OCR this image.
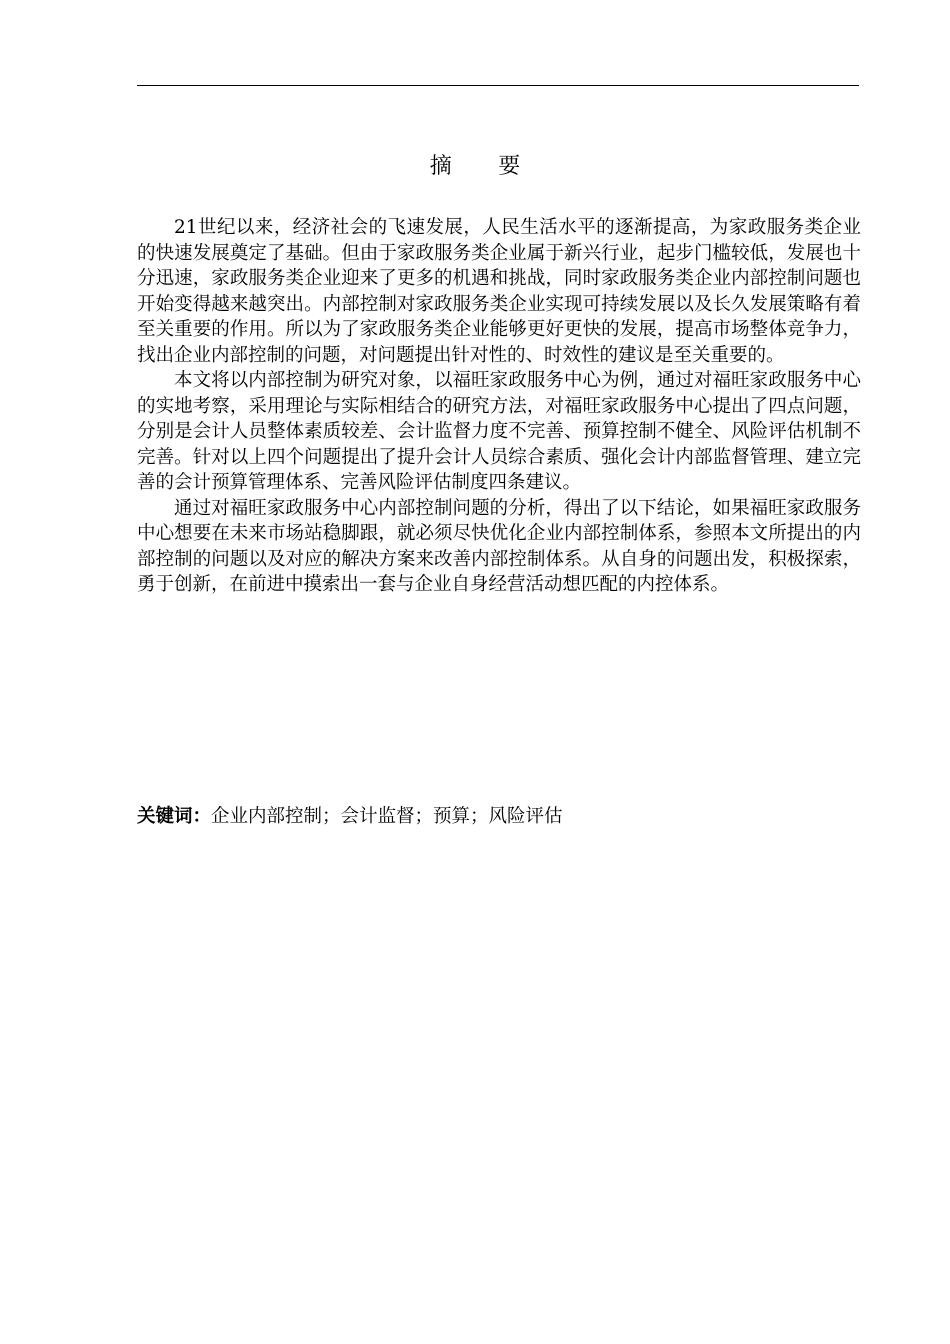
摘 要

21世纪以来，经济社会的飞速发展，人民生活水平的逐渐提高，为家政服务类企业的快速发展奠定了基础。但由于家政服务类企业属于新兴行业，起步门槛较低，发展也十分迅速，家政服务类企业迎来了更多的机遇和挑战，同时家政服务类企业内部控制问题也开始变得越来越突出。内部控制对家政服务类企业实现可持续发展以及长久发展策略有着至关重要的作用。所以为了家政服务类企业能够更好更快的发展，提高市场整体竞争力，找出企业内部控制的问题，对问题提出针对性的、时效性的建议是至关重要的。

本文将以内部控制为研究对象，以福旺家政服务中心为例，通过对福旺家政服务中心的实地考察，采用理论与实际相结合的研究方法，对福旺家政服务中心提出了四点问题，分别是会计人员整体素质较差、会计监督力度不完善、预算控制不健全、风险评估机制不完善。针对以上四个问题提出了提升会计人员综合素质、强化会计内部监督管理、建立完善的会计预算管理体系、完善风险评估制度四条建议。

通过对福旺家政服务中心内部控制问题的分析，得出了以下结论，如果福旺家政服务中心想要在未来市场站稳脚跟，就必须尽快优化企业内部控制体系，参照本文所提出的内部控制的问题以及对应的解决方案来改善内部控制体系。从自身的问题出发，积极探索，勇于创新，在前进中摸索出一套与企业自身经营活动想匹配的内控体系。

关键词：企业内部控制；会计监督；预算；风险评估
